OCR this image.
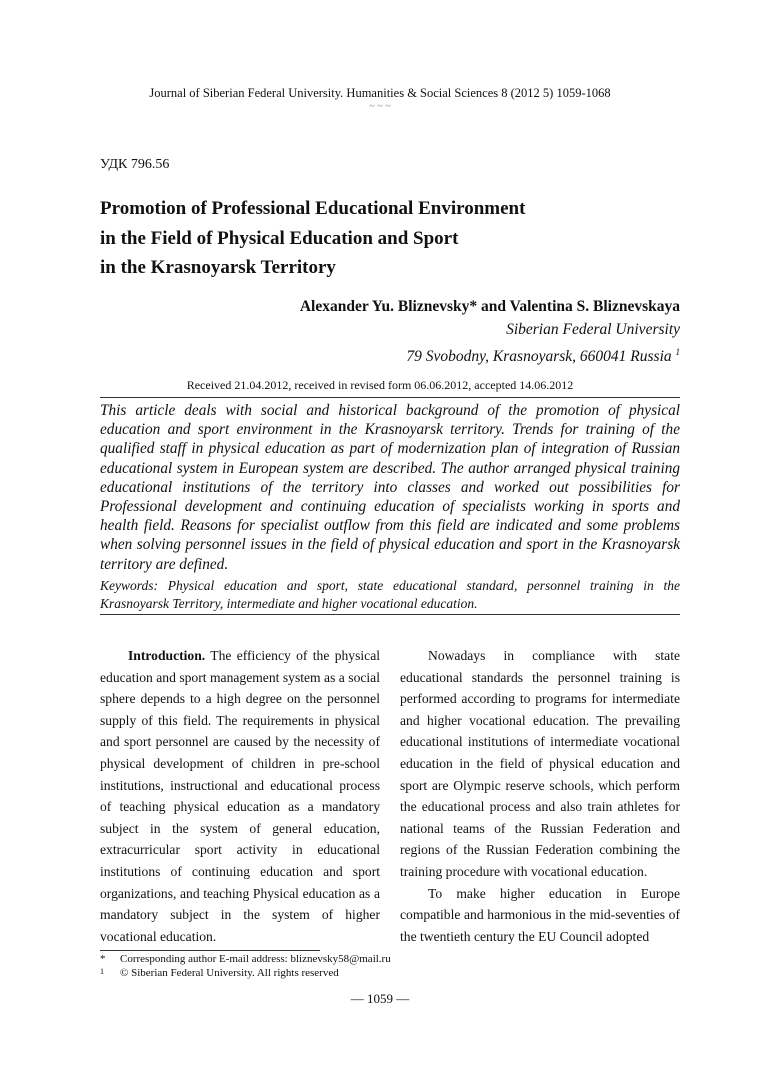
Journal of Siberian Federal University. Humanities & Social Sciences 8 (2012 5) 1059-1068
~ ~ ~
УДК 796.56
Promotion of Professional Educational Environment
in the Field of Physical Education and Sport
in the Krasnoyarsk Territory
Alexander Yu. Bliznevsky* and Valentina S. Bliznevskaya
Siberian Federal University
79 Svobodny, Krasnoyarsk, 660041 Russia $^1$
Received 21.04.2012, received in revised form 06.06.2012, accepted 14.06.2012

This article deals with social and historical background of the promotion of physical education and sport environment in the Krasnoyarsk territory. Trends for training of the qualified staff in physical education as part of modernization plan of integration of Russian educational system in European system are described. The author arranged physical training educational institutions of the territory into classes and worked out possibilities for Professional development and continuing education of specialists working in sports and health field. Reasons for specialist outflow from this field are indicated and some problems when solving personnel issues in the field of physical education and sport in the Krasnoyarsk territory are defined.

Keywords: Physical education and sport, state educational standard, personnel training in the Krasnoyarsk Territory, intermediate and higher vocational education.

Introduction. The efficiency of the physical education and sport management system as a social sphere depends to a high degree on the personnel supply of this field. The requirements in physical and sport personnel are caused by the necessity of physical development of children in pre-school institutions, instructional and educational process of teaching physical education as a mandatory subject in the system of general education, extracurricular sport activity in educational institutions of continuing education and sport organizations, and teaching Physical education as a mandatory subject in the system of higher vocational education.

Nowadays in compliance with state educational standards the personnel training is performed according to programs for intermediate and higher vocational education. The prevailing educational institutions of intermediate vocational education in the field of physical education and sport are Olympic reserve schools, which perform the educational process and also train athletes for national teams of the Russian Federation and regions of the Russian Federation combining the training procedure with vocational education.

To make higher education in Europe compatible and harmonious in the mid-seventies of the twentieth century the EU Council adopted

* Corresponding author E-mail address: bliznevsky58@mail.ru
1 © Siberian Federal University. All rights reserved
— 1059 —
